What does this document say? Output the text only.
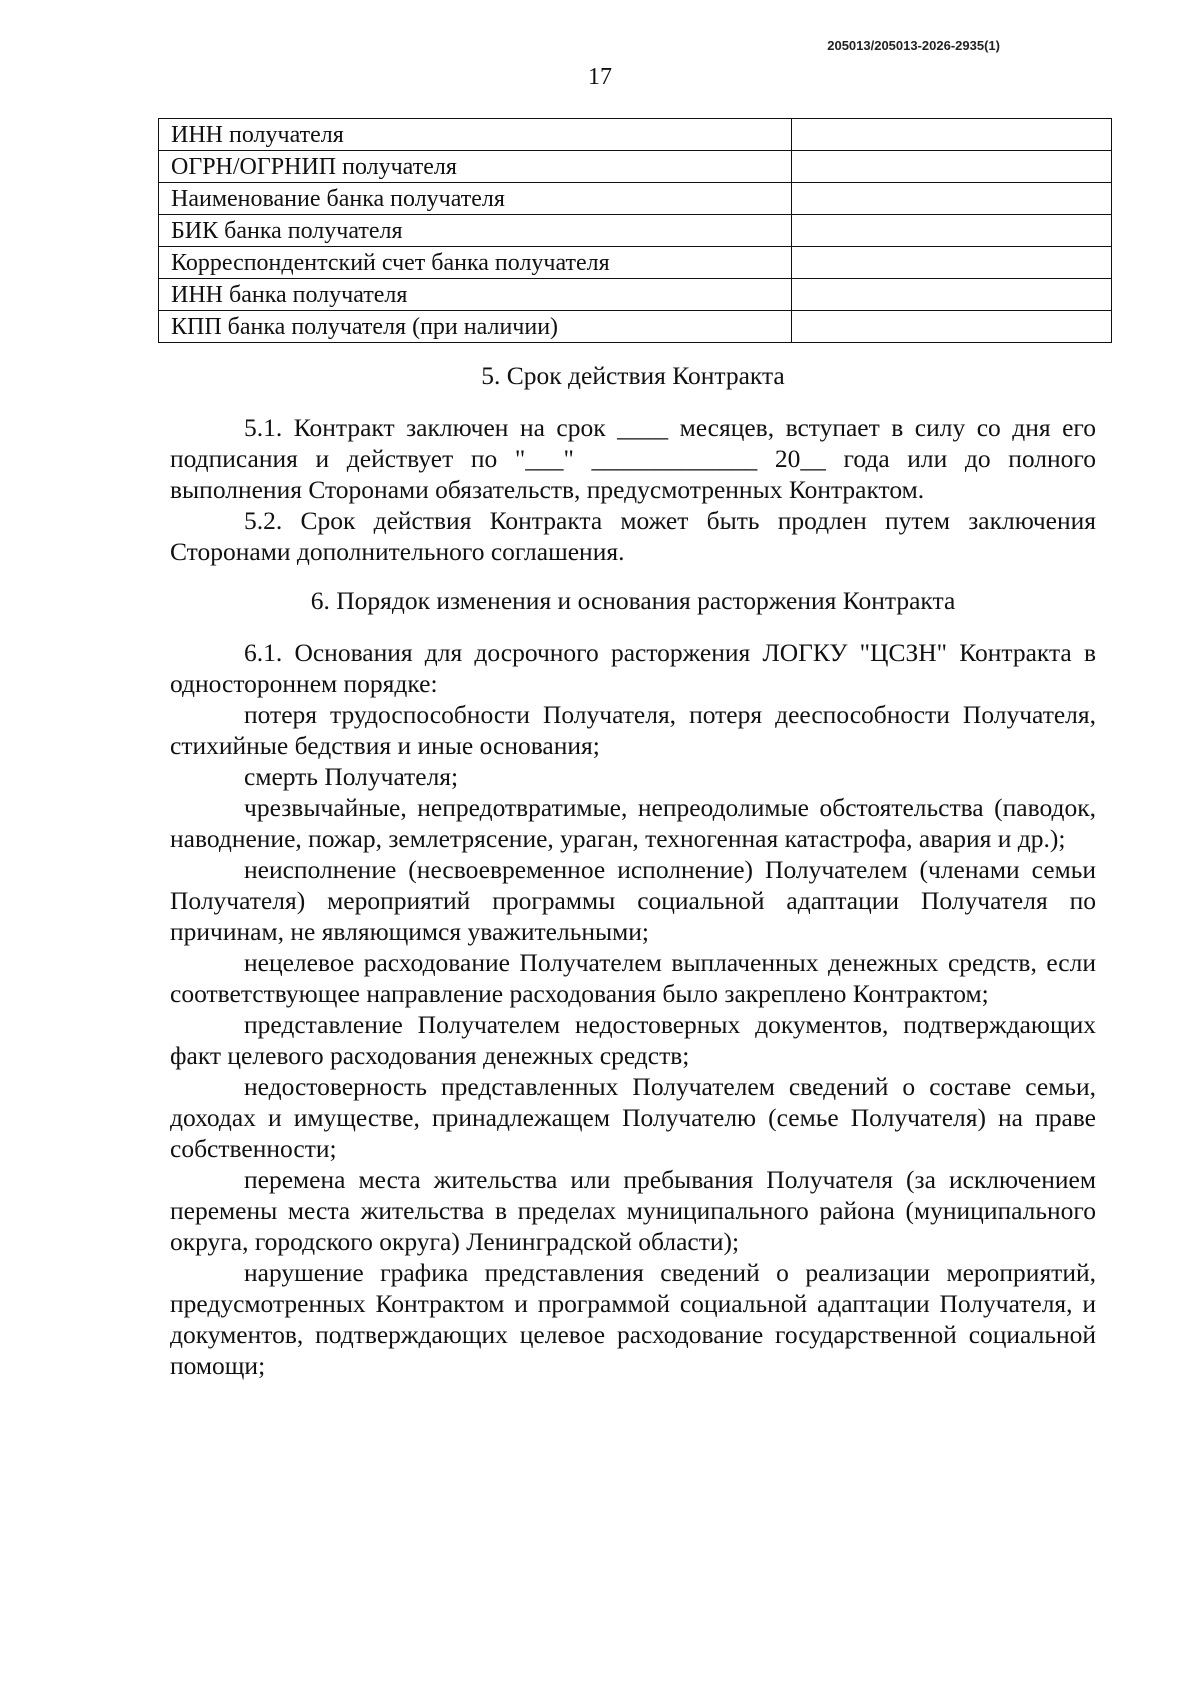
205013/205013-2026-2935(1)
17
ИНН получателя	
ОГРН/ОГРНИП получателя	
Наименование банка получателя	
БИК банка получателя	
Корреспондентский счет банка получателя	
ИНН банка получателя	
КПП банка получателя (при наличии)	
5. Срок действия Контракта

5.1. Контракт заключен на срок ____ месяцев, вступает в силу со дня его подписания и действует по "___" _____________ 20__ года или до полного выполнения Сторонами обязательств, предусмотренных Контрактом.

5.2. Срок действия Контракта может быть продлен путем заключения Сторонами дополнительного соглашения.

6. Порядок изменения и основания расторжения Контракта

6.1. Основания для досрочного расторжения ЛОГКУ "ЦСЗН" Контракта в одностороннем порядке:

потеря трудоспособности Получателя, потеря дееспособности Получателя, стихийные бедствия и иные основания;

смерть Получателя;

чрезвычайные, непредотвратимые, непреодолимые обстоятельства (паводок, наводнение, пожар, землетрясение, ураган, техногенная катастрофа, авария и др.);

неисполнение (несвоевременное исполнение) Получателем (членами семьи Получателя) мероприятий программы социальной адаптации Получателя по причинам, не являющимся уважительными;

нецелевое расходование Получателем выплаченных денежных средств, если соответствующее направление расходования было закреплено Контрактом;

представление Получателем недостоверных документов, подтверждающих факт целевого расходования денежных средств;

недостоверность представленных Получателем сведений о составе семьи, доходах и имуществе, принадлежащем Получателю (семье Получателя) на праве собственности;

перемена места жительства или пребывания Получателя (за исключением перемены места жительства в пределах муниципального района (муниципального округа, городского округа) Ленинградской области);

нарушение графика представления сведений о реализации мероприятий, предусмотренных Контрактом и программой социальной адаптации Получателя, и документов, подтверждающих целевое расходование государственной социальной помощи;
